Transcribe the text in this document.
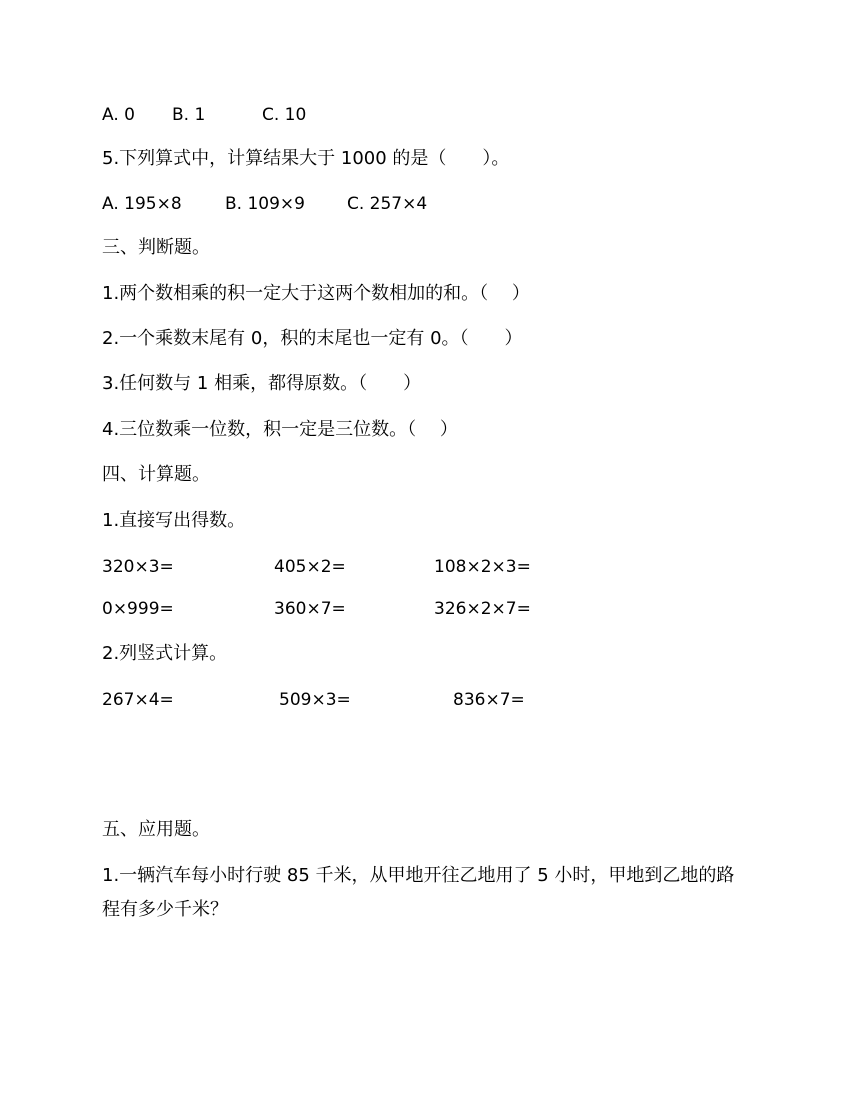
A. 0 B. 1	C. 10
5.下列算式中，计算结果大于 1000 的是（　　）。
A. 195×8	B. 109×9 C. 257×4
三、判断题。
1.两个数相乘的积一定大于这两个数相加的和。（　 ）
2.一个乘数末尾有 0，积的末尾也一定有 0。（　　）
3.任何数与 1 相乘，都得原数。（　　）
4.三位数乘一位数，积一定是三位数。（　 ）
四、计算题。
1.直接写出得数。
320×3=	405×2=	108×2×3=
0×999=	360×7=	326×2×7=
2.列竖式计算。
267×4=	509×3=	836×7=
五、应用题。
1.一辆汽车每小时行驶 85 千米，从甲地开往乙地用了 5 小时，甲地到乙地的路程有多少千米？
